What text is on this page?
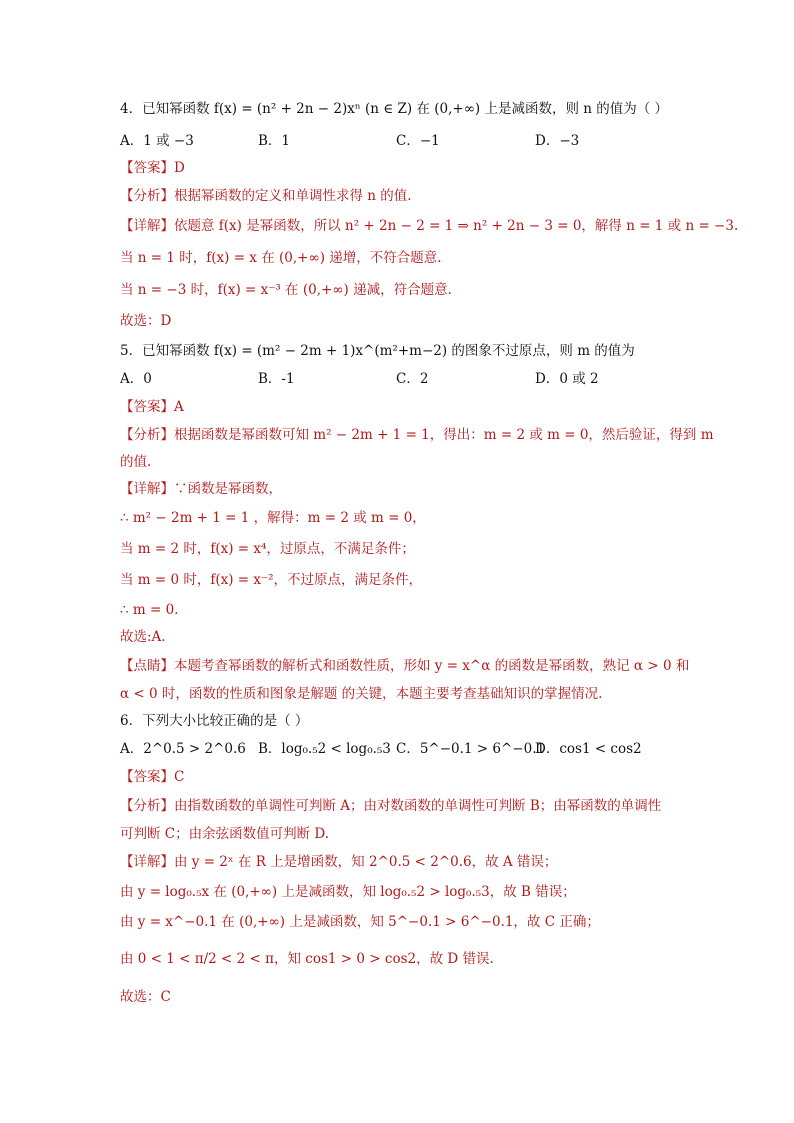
4．已知幂函数 f(x) = (n² + 2n − 2)xⁿ (n ∈ Z) 在 (0,+∞) 上是减函数，则 n 的值为（ ）
A．1 或 −3	B．1	C．−1	D．−3
【答案】D
【分析】根据幂函数的定义和单调性求得 n 的值.
【详解】依题意 f(x) 是幂函数，所以 n² + 2n − 2 = 1 ⇒ n² + 2n − 3 = 0，解得 n = 1 或 n = −3.
当 n = 1 时，f(x) = x 在 (0,+∞) 递增，不符合题意.
当 n = −3 时，f(x) = x⁻³ 在 (0,+∞) 递减，符合题意.
故选：D
5．已知幂函数 f(x) = (m² − 2m + 1)x^(m²+m−2) 的图象不过原点，则 m 的值为
A．0	B．-1	C．2	D．0 或 2
【答案】A
【分析】根据函数是幂函数可知 m² − 2m + 1 = 1，得出：m = 2 或 m = 0，然后验证，得到 m
的值.
【详解】∵函数是幂函数，
∴ m² − 2m + 1 = 1 ，解得：m = 2 或 m = 0，
当 m = 2 时，f(x) = x⁴，过原点，不满足条件；
当 m = 0 时，f(x) = x⁻²，不过原点，满足条件，
∴ m = 0.
故选:A.
【点睛】本题考查幂函数的解析式和函数性质，形如 y = x^α 的函数是幂函数，熟记 α > 0 和
α < 0 时，函数的性质和图象是解题 的关键，本题主要考查基础知识的掌握情况.
6．下列大小比较正确的是（ ）
A．2^0.5 > 2^0.6 B．log₀.₅2 < log₀.₅3 C．5^−0.1 > 6^−0.1
D．cos1 < cos2
【答案】C
【分析】由指数函数的单调性可判断 A；由对数函数的单调性可判断 B；由幂函数的单调性
可判断 C；由余弦函数值可判断 D.
【详解】由 y = 2ˣ 在 R 上是增函数，知 2^0.5 < 2^0.6，故 A 错误；
由 y = log₀.₅x 在 (0,+∞) 上是减函数，知 log₀.₅2 > log₀.₅3，故 B 错误；
由 y = x^−0.1 在 (0,+∞) 上是减函数，知 5^−0.1 > 6^−0.1，故 C 正确；
由 0 < 1 < π/2 < 2 < π，知 cos1 > 0 > cos2，故 D 错误.
故选：C
